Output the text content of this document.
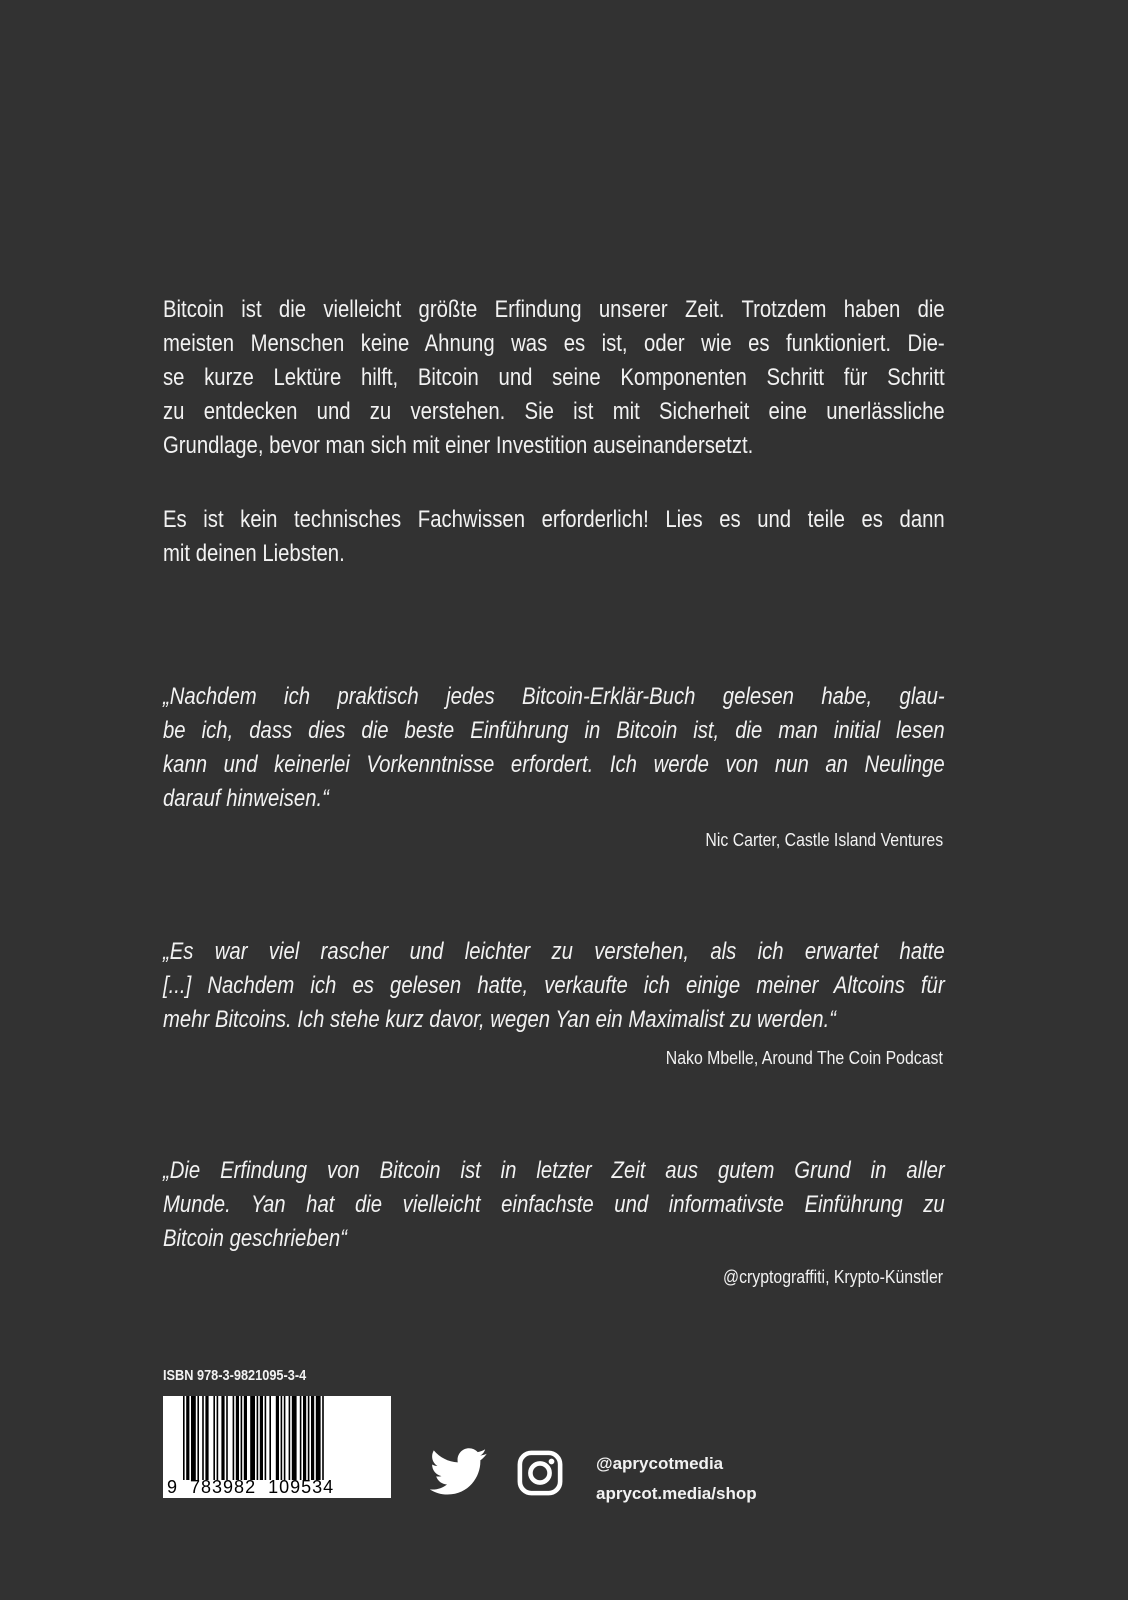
Bitcoin ist die vielleicht größte Erfindung unserer Zeit. Trotzdem haben die
meisten Menschen keine Ahnung was es ist, oder wie es funktioniert. Die-
se kurze Lektüre hilft, Bitcoin und seine Komponenten Schritt für Schritt
zu entdecken und zu verstehen. Sie ist mit Sicherheit eine unerlässliche
Grundlage, bevor man sich mit einer Investition auseinandersetzt.
Es ist kein technisches Fachwissen erforderlich! Lies es und teile es dann
mit deinen Liebsten.
„Nachdem ich praktisch jedes Bitcoin-Erklär-Buch gelesen habe, glau-
be ich, dass dies die beste Einführung in Bitcoin ist, die man initial lesen
kann und keinerlei Vorkenntnisse erfordert. Ich werde von nun an Neulinge
darauf hinweisen.“
Nic Carter, Castle Island Ventures
„Es war viel rascher und leichter zu verstehen, als ich erwartet hatte
[...] Nachdem ich es gelesen hatte, verkaufte ich einige meiner Altcoins für
mehr Bitcoins. Ich stehe kurz davor, wegen Yan ein Maximalist zu werden.“
Nako Mbelle, Around The Coin Podcast
„Die Erfindung von Bitcoin ist in letzter Zeit aus gutem Grund in aller
Munde. Yan hat die vielleicht einfachste und informativste Einführung zu
Bitcoin geschrieben“
@cryptograffiti, Krypto-Künstler
ISBN 978-3-9821095-3-4
9  783982  109534
@aprycotmedia
aprycot.media/shop
